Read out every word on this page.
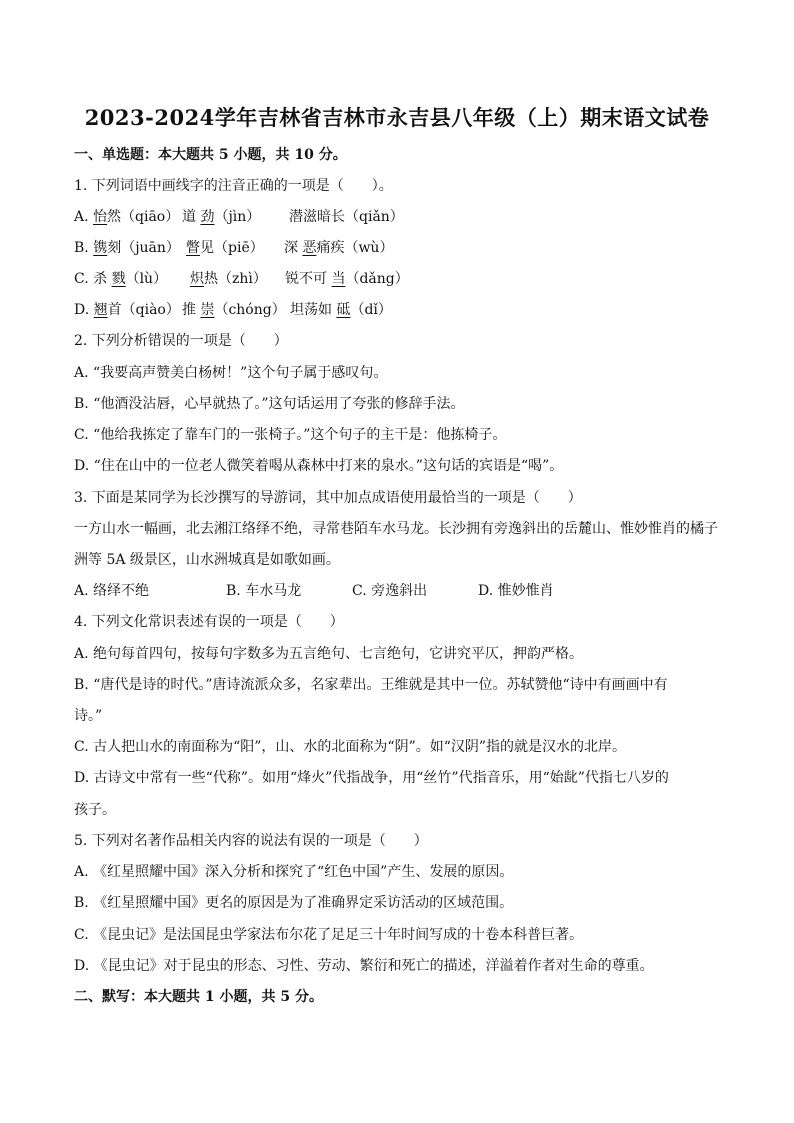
2023-2024学年吉林省吉林市永吉县八年级（上）期末语文试卷
一、单选题：本大题共 5 小题，共 10 分。
1. 下列词语中画线字的注音正确的一项是（　　）。
A. 怡然（qiāo） 道 劲（jìn） 潜滋暗长（qiǎn）
B. 镌刻（juān） 瞥见（piē） 深 恶痛疾（wù）
C. 杀 戮（lù） 炽热（zhì） 锐不可 当（dǎng）
D. 翘首（qiào） 推 崇（chóng） 坦荡如 砥（dǐ）
2. 下列分析错误的一项是（　　）
A. “我要高声赞美白杨树！”这个句子属于感叹句。
B. “他酒没沾唇，心早就热了。”这句话运用了夸张的修辞手法。
C. “他给我拣定了靠车门的一张椅子。”这个句子的主干是：他拣椅子。
D. “住在山中的一位老人微笑着喝从森林中打来的泉水。”这句话的宾语是“喝”。
3. 下面是某同学为长沙撰写的导游词，其中加点成语使用最恰当的一项是（　　）
一方山水一幅画，北去湘江络绎不绝，寻常巷陌车水马龙。长沙拥有旁逸斜出的岳麓山、惟妙惟肖的橘子
洲等 5A 级景区，山水洲城真是如歌如画。
A. 络绎不绝	B. 车水马龙	C. 旁逸斜出	D. 惟妙惟肖
4. 下列文化常识表述有误的一项是（　　）
A. 绝句每首四句，按每句字数多为五言绝句、七言绝句，它讲究平仄，押韵严格。
B. “唐代是诗的时代。”唐诗流派众多，名家辈出。王维就是其中一位。苏轼赞他“诗中有画画中有
诗。”
C. 古人把山水的南面称为“阳”，山、水的北面称为“阴”。如“汉阴”指的就是汉水的北岸。
D. 古诗文中常有一些“代称”。如用“烽火”代指战争，用“丝竹”代指音乐，用“始龀”代指七八岁的
孩子。
5. 下列对名著作品相关内容的说法有误的一项是（　　）
A. 《红星照耀中国》深入分析和探究了“红色中国”产生、发展的原因。
B. 《红星照耀中国》更名的原因是为了准确界定采访活动的区域范围。
C. 《昆虫记》是法国昆虫学家法布尔花了足足三十年时间写成的十卷本科普巨著。
D. 《昆虫记》对于昆虫的形态、习性、劳动、繁衍和死亡的描述，洋溢着作者对生命的尊重。
二、默写：本大题共 1 小题，共 5 分。
